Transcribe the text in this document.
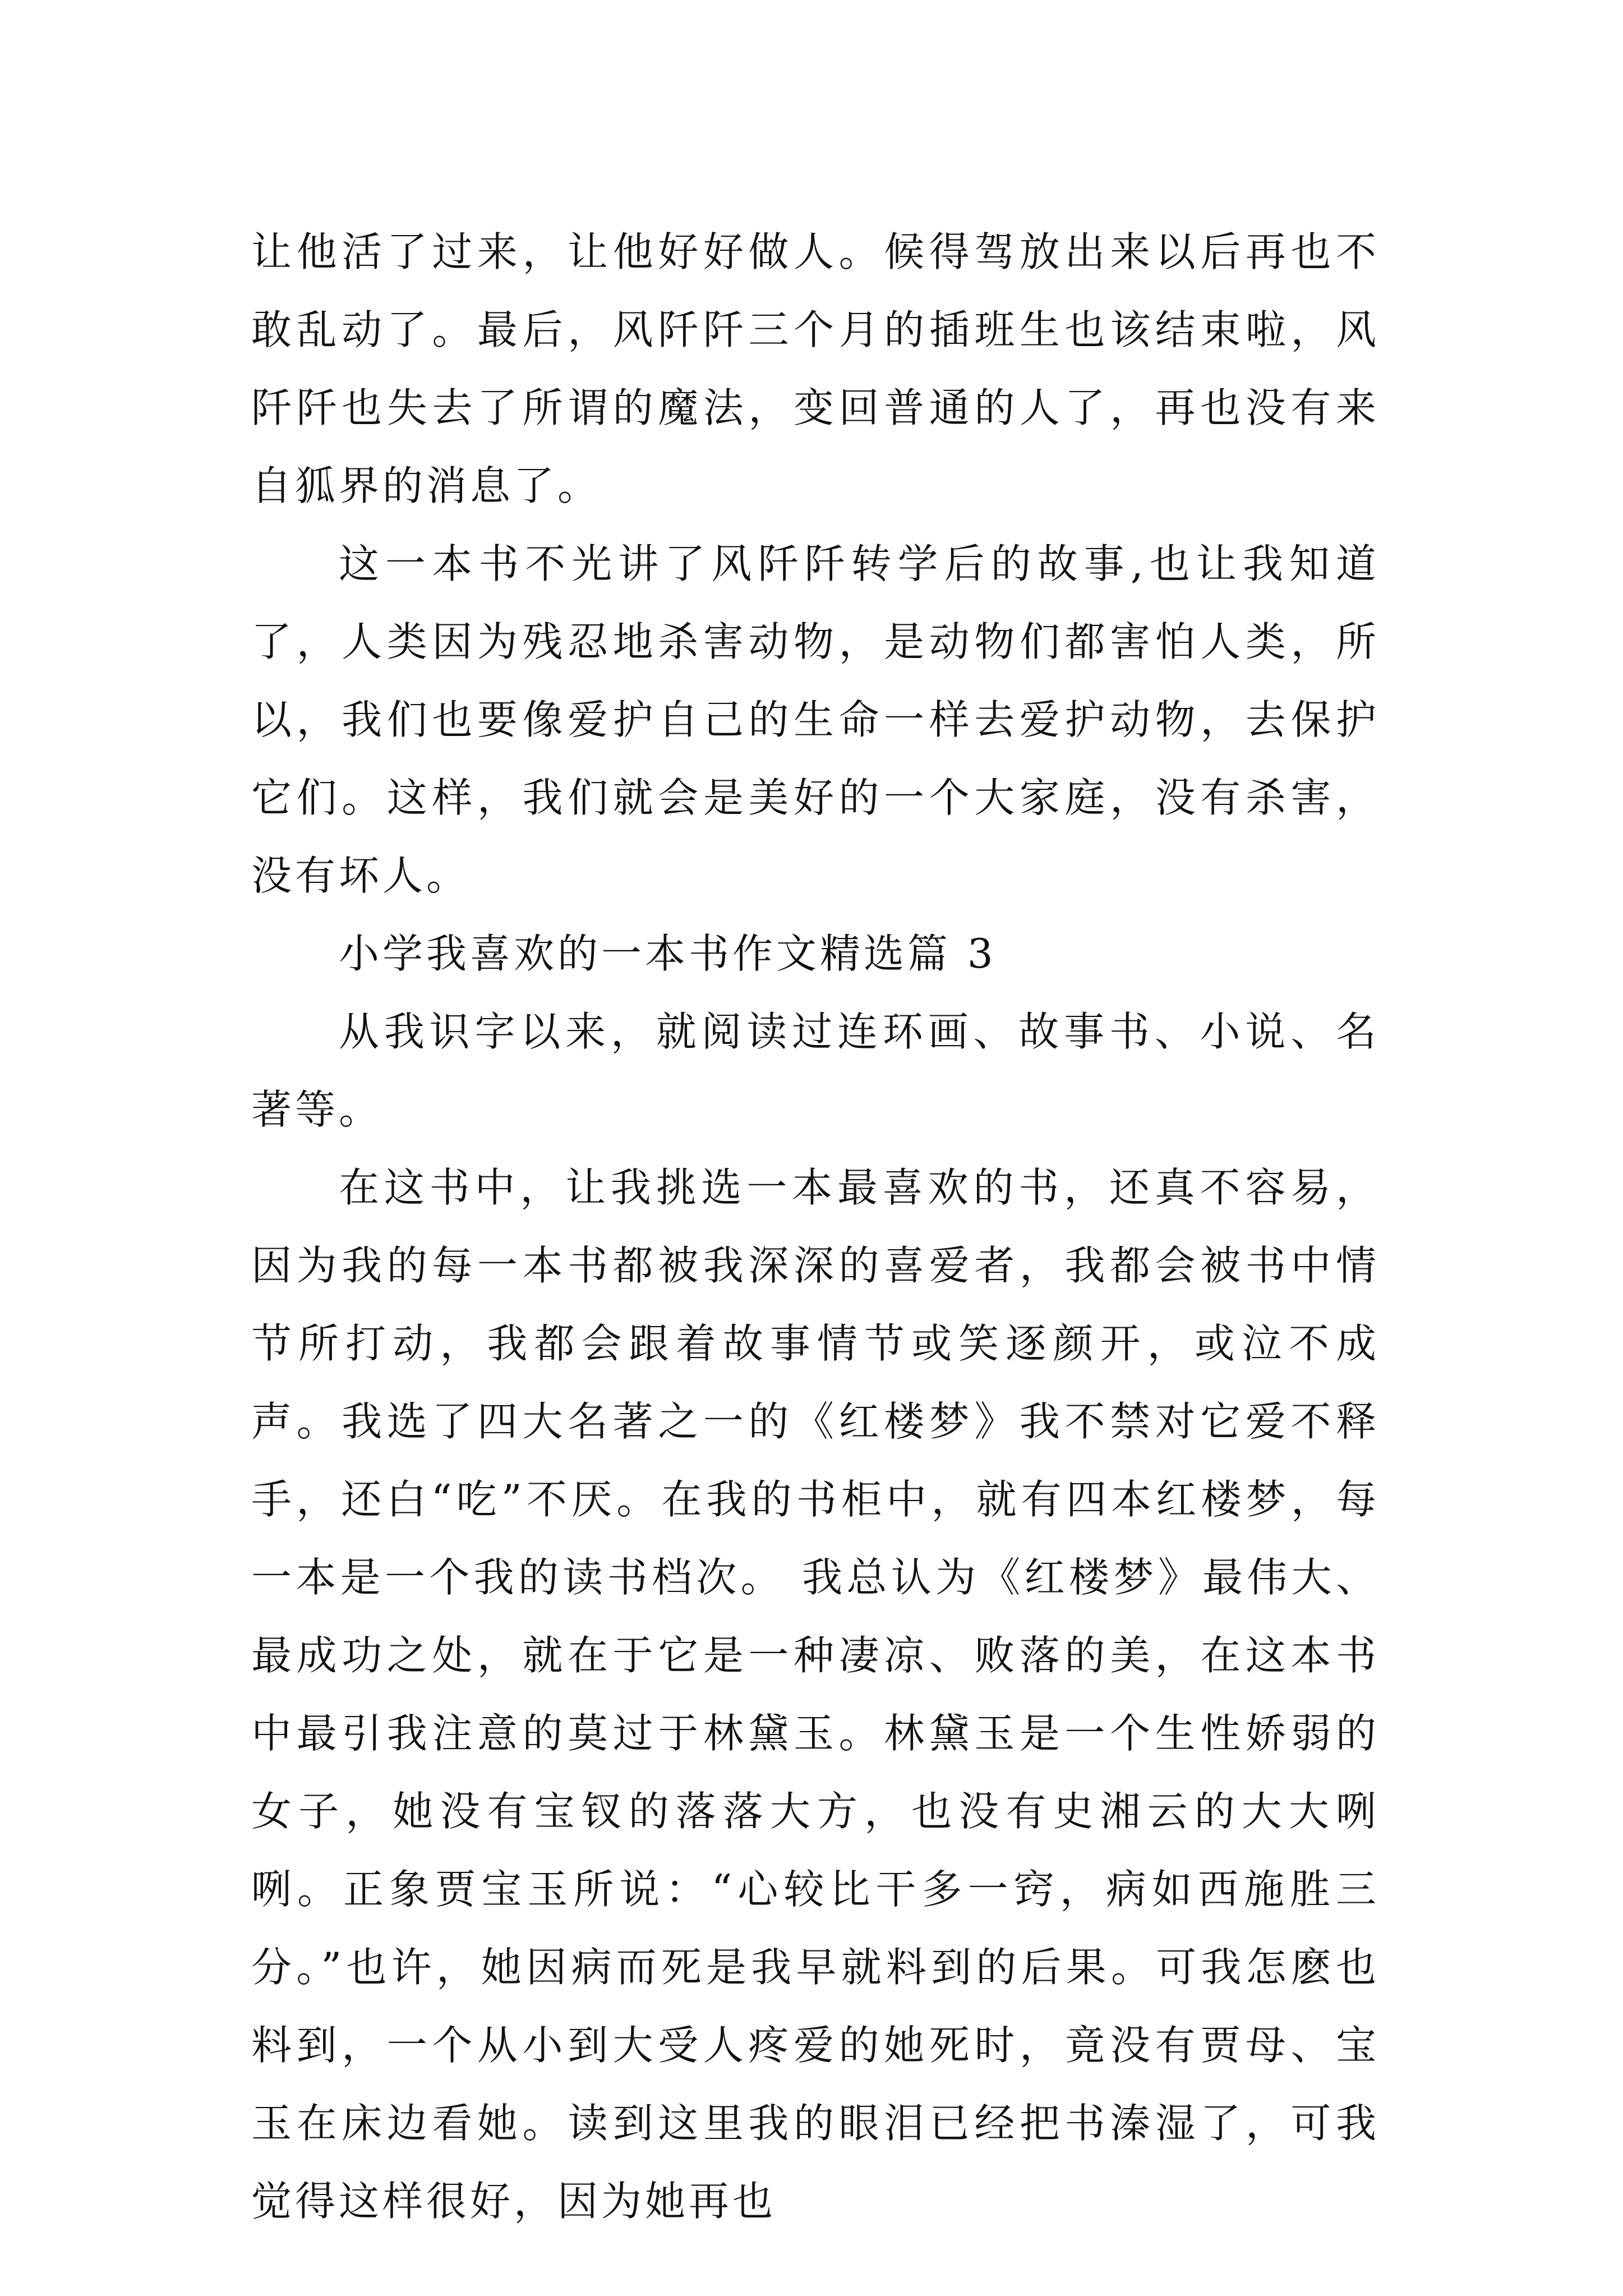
让他活了过来，让他好好做人。候得驾放出来以后再也不敢乱动了。最后，风阡阡三个月的插班生也该结束啦，风阡阡也失去了所谓的魔法，变回普通的人了，再也没有来自狐界的消息了。

这一本书不光讲了风阡阡转学后的故事,也让我知道了，人类因为残忍地杀害动物，是动物们都害怕人类，所以，我们也要像爱护自己的生命一样去爱护动物，去保护它们。这样，我们就会是美好的一个大家庭，没有杀害，没有坏人。

小学我喜欢的一本书作文精选篇 3

从我识字以来，就阅读过连环画、故事书、小说、名著等。

在这书中，让我挑选一本最喜欢的书，还真不容易，因为我的每一本书都被我深深的喜爱者，我都会被书中情节所打动，我都会跟着故事情节或笑逐颜开，或泣不成声。我选了四大名著之一的《红楼梦》我不禁对它爱不释手，还白“吃”不厌。在我的书柜中，就有四本红楼梦，每一本是一个我的读书档次。 我总认为《红楼梦》最伟大、最成功之处，就在于它是一种凄凉、败落的美，在这本书中最引我注意的莫过于林黛玉。林黛玉是一个生性娇弱的女子，她没有宝钗的落落大方，也没有史湘云的大大咧咧。正象贾宝玉所说：“心较比干多一窍，病如西施胜三分。”也许，她因病而死是我早就料到的后果。可我怎麽也料到，一个从小到大受人疼爱的她死时，竟没有贾母、宝玉在床边看她。读到这里我的眼泪已经把书溱湿了，可我觉得这样很好，因为她再也
